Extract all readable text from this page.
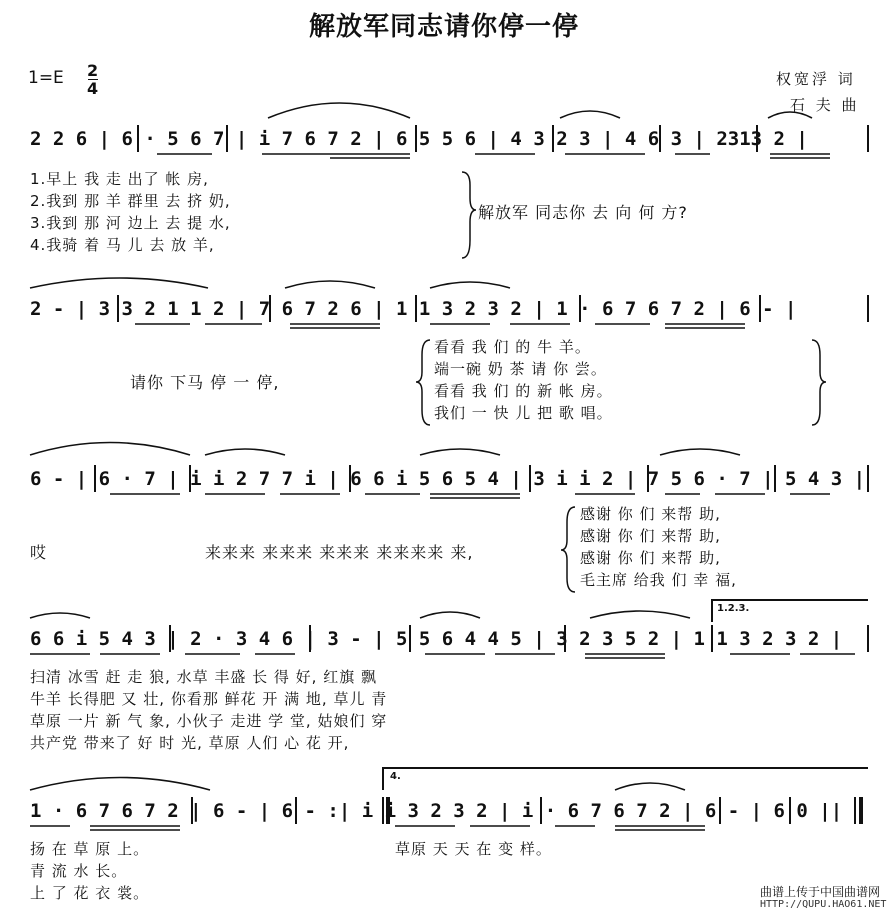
解放军同志请你停一停
1=E 2
4	权宽浮 词
石 夫 曲
2 2 6 | 6 · 5 6 7 | i 7 6 7 2 | 6 5 5 6 | 4 3 2 3 | 4 6 3 | 2313 2 |
1.早上 我 走 出了 帐 房,
2.我到 那 羊 群里 去 挤 奶,
3.我到 那 河 边上 去 提 水,
4.我骑 着 马 儿 去 放 羊,
解放军 同志你 去 向 何 方?
2 - | 3 3 2 1 1 2 | 7 6 7 2 6 | 1 1 3 2 3 2 | 1 · 6 7 6 7 2 | 6 - |
请你 下马 停 一 停,
看看 我 们 的 牛 羊。
端一碗 奶 茶 请 你 尝。
看看 我 们 的 新 帐 房。
我们 一 快 儿 把 歌 唱。
6 - | 6 · 7 | i i 2 7 7 i | 6 6 i 5 6 5 4 | 3 i i 2 | 7 5 6 · 7 | 5 4 3 |
哎	来来来 来来来 来来来 来来来来 来,
感谢 你 们 来帮 助,
感谢 你 们 来帮 助,
感谢 你 们 来帮 助,
毛主席 给我 们 幸 福,
1.2.3.
6 6 i 5 4 3 | 2 · 3 4 6 | 3 - | 5 5 6 4 4 5 | 3 2 3 5 2 | 1 1 3 2 3 2 |
扫清 冰雪 赶 走 狼, 水草 丰盛 长 得 好, 红旗 飘
牛羊 长得肥 又 壮, 你看那 鲜花 开 满 地, 草儿 青
草原 一片 新 气 象, 小伙子 走进 学 堂, 姑娘们 穿
共产党 带来了 好 时 光, 草原 人们 心 花 开,
4.
1 · 6 7 6 7 2 | 6 - | 6 - :| i i 3 2 3 2 | i · 6 7 6 7 2 | 6 - | 6 0 ||
扬 在 草 原 上。
青 流 水 长。
上 了 花 衣 裳。
草原 天 天 在 变 样。
曲谱上传于中国曲谱网
HTTP://QUPU.HAO61.NET
